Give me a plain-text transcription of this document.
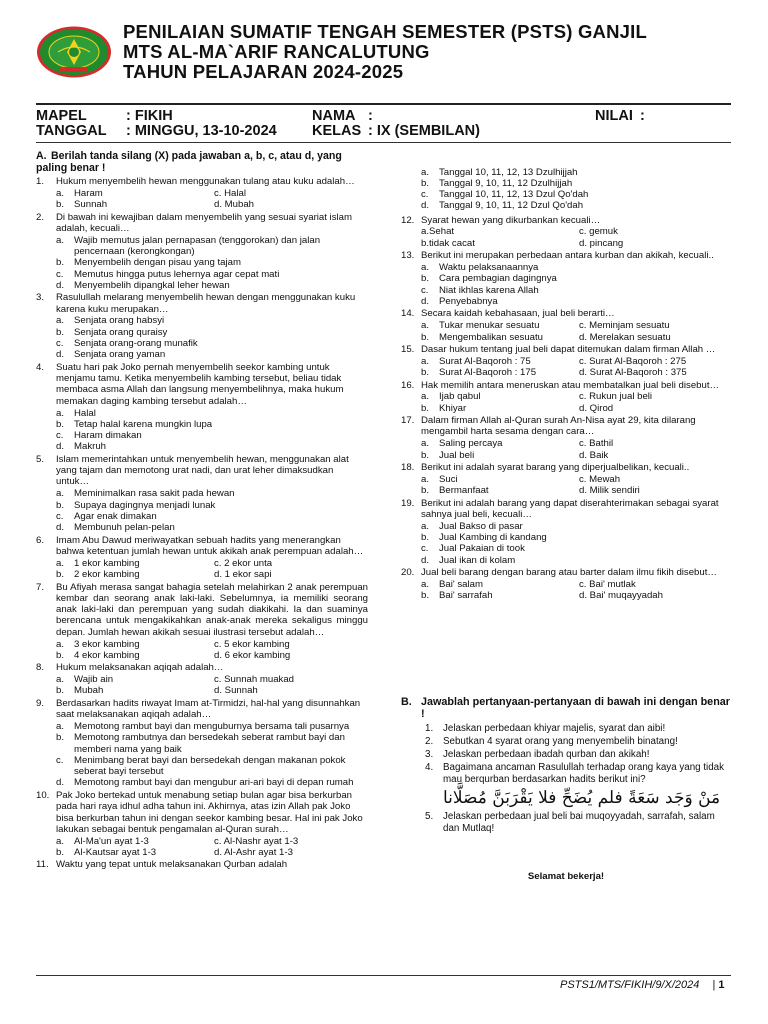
PENILAIAN SUMATIF TENGAH SEMESTER (PSTS) GANJIL
MTS AL-MA`ARIF RANCALUTUNG
TAHUN PELAJARAN 2024-2025
MAPEL	: FIKIH
TANGGAL : MINGGU, 13-10-2024
NAMA :
KELAS : IX (SEMBILAN)
NILAI :
A. Berilah tanda silang (X) pada jawaban a, b, c, atau d, yang paling benar !
1.	Hukum menyembelih hewan menggunakan tulang atau kuku adalah…
a.	Haram	c. Halal
b.	Sunnah	d. Mubah
2.	Di bawah ini kewajiban dalam menyembelih yang sesuai syariat islam adalah, kecuali…
a.	Wajib memutus jalan pernapasan (tenggorokan) dan jalan pencernaan (kerongkongan)
b.	Menyembelih dengan pisau yang tajam
c.	Memutus hingga putus lehernya agar cepat mati
d.	Menyembelih dipangkal leher hewan
3.	Rasulullah melarang menyembelih hewan dengan menggunakan kuku karena kuku merupakan…
a.	Senjata orang habsyi
b.	Senjata orang quraisy
c.	Senjata orang-orang munafik
d.	Senjata orang yaman
4.	Suatu hari pak Joko pernah menyembelih seekor kambing untuk menjamu tamu. Ketika menyembelih kambing tersebut, beliau tidak membaca asma Allah dan langsung menyembelihnya, maka hukum memakan daging kambing tersebut adalah…
a.	Halal
b.	Tetap halal karena mungkin lupa
c.	Haram dimakan
d.	Makruh
5.	Islam memerintahkan untuk menyembelih hewan, menggunakan alat yang tajam dan memotong urat nadi, dan urat leher dimaksudkan untuk…
a.	Meminimalkan rasa sakit pada hewan
b.	Supaya dagingnya menjadi lunak
c.	Agar enak dimakan
d.	Membunuh pelan-pelan
6.	Imam Abu Dawud meriwayatkan sebuah hadits yang menerangkan bahwa ketentuan jumlah hewan untuk akikah anak perempuan adalah…
a.	1 ekor kambing	c. 2 ekor unta
b.	2 ekor kambing	d. 1 ekor sapi
7.	Bu Afiyah merasa sangat bahagia setelah melahirkan 2 anak perempuan kembar dan seorang anak laki-laki. Sebelumnya, ia memiliki seorang anak laki-laki dan perempuan yang sudah diakikahi. Ia dan suaminya berencana untuk mengakikahkan anak-anak mereka sekaligus minggu depan. Jumlah hewan akikah sesuai ilustrasi tersebut adalah…
a.	3 ekor kambing	c. 5 ekor kambing
b.	4 ekor kambing	d. 6 ekor kambing
8.	Hukum melaksanakan aqiqah adalah…
a.	Wajib ain	c. Sunnah muakad
b.	Mubah	d. Sunnah
9.	Berdasarkan hadits riwayat Imam at-Tirmidzi, hal-hal yang disunnahkan saat melaksanakan aqiqah adalah…
a.	Memotong rambut bayi dan menguburnya bersama tali pusarnya
b.	Memotong rambutnya dan bersedekah seberat rambut bayi dan memberi nama yang baik
c.	Menimbang berat bayi dan bersedekah dengan makanan pokok seberat bayi tersebut
d.	Memotong rambut bayi dan mengubur ari-ari bayi di depan rumah
10. Pak Joko bertekad untuk menabung setiap bulan agar bisa berkurban pada hari raya idhul adha tahun ini. Akhirnya, atas izin Allah pak Joko bisa berkurban tahun ini dengan seekor kambing besar. Hal ini pak Joko lakukan sebagai bentuk pengamalan al-Quran surah…
a.	Al-Ma'un ayat 1-3	c. Al-Nashr ayat 1-3
b.	Al-Kautsar ayat 1-3	d. Al-Ashr ayat 1-3
11. Waktu yang tepat untuk melaksanakan Qurban adalah
a.	Tanggal 10, 11, 12, 13 Dzulhijjah
b.	Tanggal 9, 10, 11, 12 Dzulhijjah
c.	Tanggal 10, 11, 12, 13 Dzul Qo'dah
d.	Tanggal 9, 10, 11, 12 Dzul Qo'dah
12. Syarat hewan yang dikurbankan kecuali…
a.Sehat	c. gemuk
b.tidak cacat	d. pincang
13. Berikut ini merupakan perbedaan antara kurban dan akikah, kecuali..
a.	Waktu pelaksanaannya
b.	Cara pembagian dagingnya
c.	Niat ikhlas karena Allah
d.	Penyebabnya
14. Secara kaidah kebahasaan, jual beli berarti…
a.	Tukar menukar sesuatu	c. Meminjam sesuatu
b.	Mengembalikan sesuatu	d. Merelakan sesuatu
15. Dasar hukum tentang jual beli dapat ditemukan dalam firman Allah …
a.	Surat Al-Baqoroh : 75	c. Surat Al-Baqoroh : 275
b.	Surat Al-Baqoroh : 175	d. Surat Al-Baqoroh : 375
16. Hak memilih antara meneruskan atau membatalkan jual beli disebut…
a.	Ijab qabul	c. Rukun jual beli
b.	Khiyar	d. Qirod
17. Dalam firman Allah al-Quran surah An-Nisa ayat 29, kita dilarang mengambil harta sesama dengan cara…
a.	Saling percaya	c. Bathil
b.	Jual beli	d. Baik
18. Berikut ini adalah syarat barang yang diperjualbelikan, kecuali..
a.	Suci	c. Mewah
b.	Bermanfaat	d. Milik sendiri
19. Berikut ini adalah barang yang dapat diserahterimakan sebagai syarat sahnya jual beli, kecuali…
a.	Jual Bakso di pasar
b.	Jual Kambing di kandang
c.	Jual Pakaian di took
d.	Jual ikan di kolam
20. Jual beli barang dengan barang atau barter dalam ilmu fikih disebut…
a.	Bai' salam	c. Bai' mutlak
b.	Bai' sarrafah	d. Bai' muqayyadah
B. Jawablah pertanyaan-pertanyaan di bawah ini dengan benar !
1.	Jelaskan perbedaan khiyar majelis, syarat dan aibi!
2.	Sebutkan 4 syarat orang yang menyembelih binatang!
3.	Jelaskan perbedaan ibadah qurban dan akikah!
4.	Bagaimana ancaman Rasulullah terhadap orang kaya yang tidak mau berqurban berdasarkan hadits berikut ini?
مَنْ وَجَد سَعَةً فلم يُضَحِّ فلا يَقْرَبَنَّ مُصَلَّانا
5.	Jelaskan perbedaan jual beli bai muqoyyadah, sarrafah, salam dan Mutlaq!
Selamat bekerja!
PSTS1/MTS/FIKIH/9/X/2024 | 1
